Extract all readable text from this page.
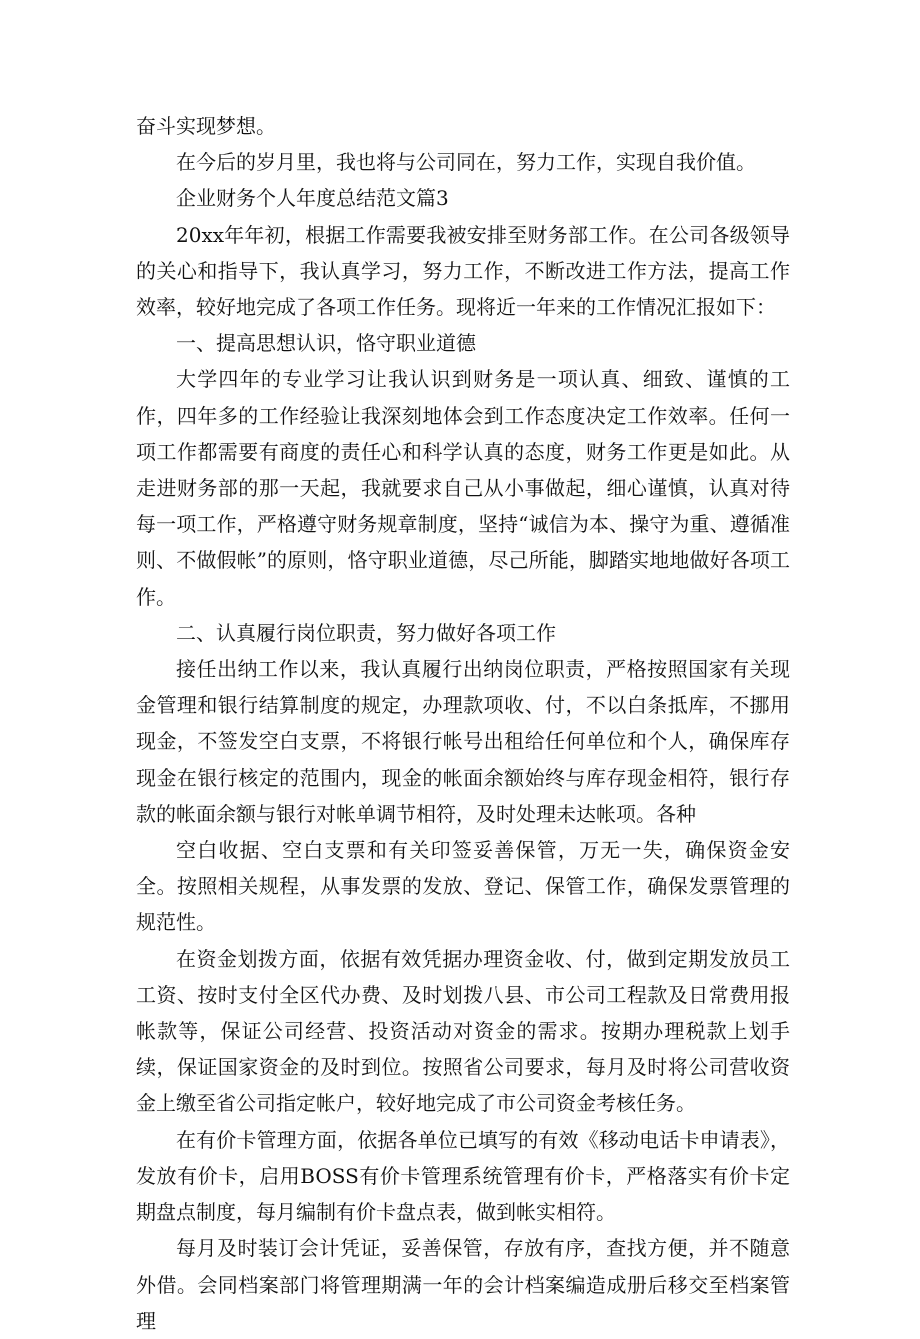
奋斗实现梦想。

在今后的岁月里，我也将与公司同在，努力工作，实现自我价值。

企业财务个人年度总结范文篇3

20xx年年初，根据工作需要我被安排至财务部工作。在公司各级领导的关心和指导下，我认真学习，努力工作，不断改进工作方法，提高工作效率，较好地完成了各项工作任务。现将近一年来的工作情况汇报如下：

一、提高思想认识，恪守职业道德

大学四年的专业学习让我认识到财务是一项认真、细致、谨慎的工作，四年多的工作经验让我深刻地体会到工作态度决定工作效率。任何一项工作都需要有商度的责任心和科学认真的态度，财务工作更是如此。从走进财务部的那一天起，我就要求自己从小事做起，细心谨慎，认真对待每一项工作，严格遵守财务规章制度，坚持“诚信为本、操守为重、遵循准则、不做假帐”的原则，恪守职业道德，尽己所能，脚踏实地地做好各项工作。

二、认真履行岗位职责，努力做好各项工作

接任出纳工作以来，我认真履行出纳岗位职责，严格按照国家有关现金管理和银行结算制度的规定，办理款项收、付，不以白条抵库，不挪用现金，不签发空白支票，不将银行帐号出租给任何单位和个人，确保库存现金在银行核定的范围内，现金的帐面余额始终与库存现金相符，银行存款的帐面余额与银行对帐单调节相符，及时处理未达帐项。各种

空白收据、空白支票和有关印签妥善保管，万无一失，确保资金安全。按照相关规程，从事发票的发放、登记、保管工作，确保发票管理的规范性。

在资金划拨方面，依据有效凭据办理资金收、付，做到定期发放员工工资、按时支付全区代办费、及时划拨八县、市公司工程款及日常费用报帐款等，保证公司经营、投资活动对资金的需求。按期办理税款上划手续，保证国家资金的及时到位。按照省公司要求，每月及时将公司营收资金上缴至省公司指定帐户，较好地完成了市公司资金考核任务。

在有价卡管理方面，依据各单位已填写的有效《移动电话卡申请表》，发放有价卡，启用BOSS有价卡管理系统管理有价卡，严格落实有价卡定期盘点制度，每月编制有价卡盘点表，做到帐实相符。

每月及时装订会计凭证，妥善保管，存放有序，查找方便，并不随意外借。会同档案部门将管理期满一年的会计档案编造成册后移交至档案管理
